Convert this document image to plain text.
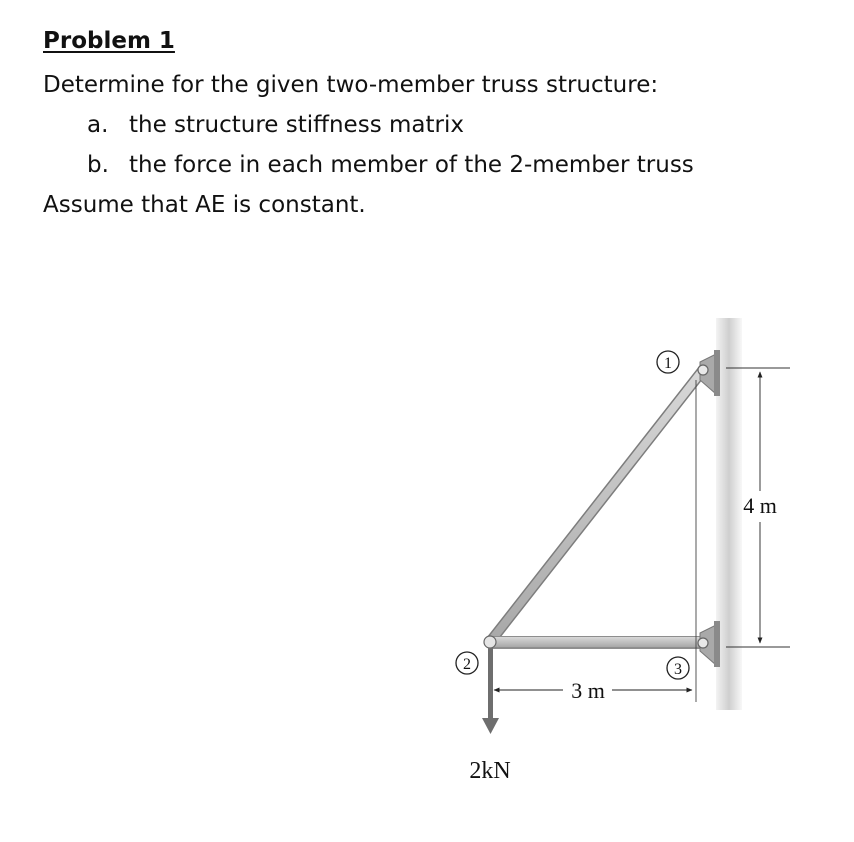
Problem 1
Determine for the given two-member truss structure:
a. the structure stiffness matrix
b. the force in each member of the 2-member truss
Assume that AE is constant.
1
2	3
4 m
3 m
2kN
